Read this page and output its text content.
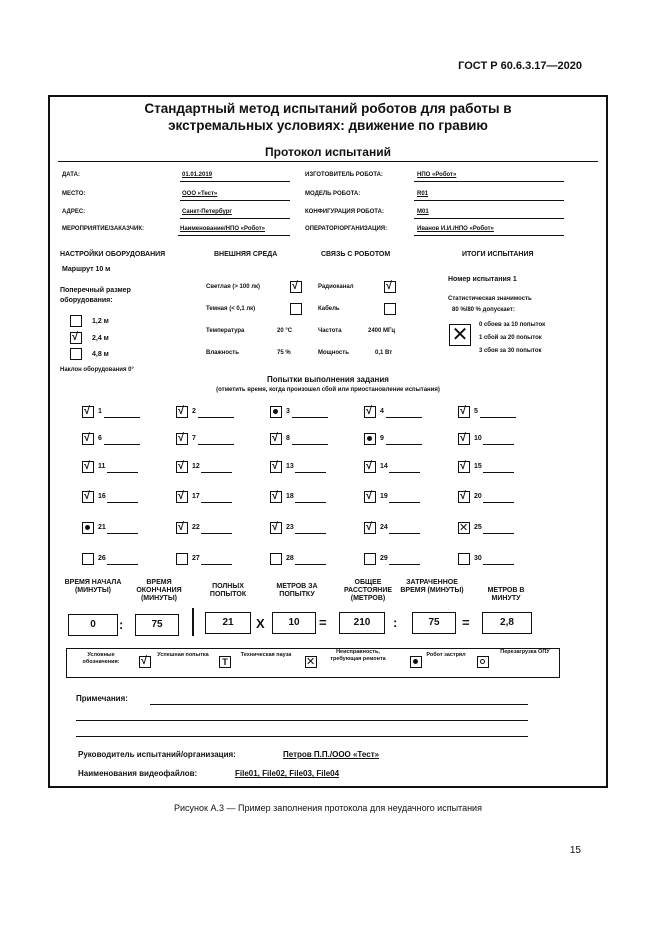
ГОСТ Р 60.6.3.17—2020
Стандартный метод испытаний роботов для работы в
экстремальных условиях: движение по гравию
Протокол испытаний
ДАТА:	01.01.2019
МЕСТО:	ООО «Тест»
АДРЕС:	Санкт-Петербург
МЕРОПРИЯТИЕ/ЗАКАЗЧИК:	Наименование/НПО «Робот»
ИЗГОТОВИТЕЛЬ РОБОТА:	НПО «Робот»
МОДЕЛЬ РОБОТА:	R01
КОНФИГУРАЦИЯ РОБОТА:	M01
ОПЕРАТОР/ОРГАНИЗАЦИЯ:	Иванов И.И./НПО «Робот»
НАСТРОЙКИ ОБОРУДОВАНИЯ	ВНЕШНЯЯ СРЕДА	СВЯЗЬ С РОБОТОМ	ИТОГИ ИСПЫТАНИЯ
Маршрут 10 м
Поперечный размер оборудования:
1,2 м
√
2,4 м
4,8 м
Наклон оборудования 0°
Светлая (> 100 лк)
√
Темная (< 0,1 лк)
Температура	20 °C
Влажность	75 %
Радиоканал
√
Кабель
Частота	2400 МГц
Мощность	0,1 Вт
Номер испытания 1
Статистическая значимость
80 %/80 % допускает:
✕	0 сбоев за 10 попыток
1 сбой за 20 попыток
3 сбоя за 30 попыток
Попытки выполнения задания
(отметить время, когда произошел сбой или приостановление испытания)
√
1 √	2	3 √	4 √	5
√
6 √	7 √	8	9 √	10
√
11 √	12 √	13 √	14 √	15
√
16 √	17 √	18 √	19 √	20
21 √	22 √	23 √	24 ✕	25
26	27	28	29	30
ВРЕМЯ НАЧАЛА (МИНУТЫ)
ВРЕМЯ ОКОНЧАНИЯ (МИНУТЫ)
ПОЛНЫХ ПОПЫТОК
МЕТРОВ ЗА ПОПЫТКУ
ОБЩЕЕ РАССТОЯНИЕ (МЕТРОВ)
ЗАТРАЧЕННОЕ ВРЕМЯ (МИНУТЫ)	МЕТРОВ В МИНУТУ
0	:	75	21	X	10	=	210	:	75	=	2,8
Условные обозначения:
√
Успешная попытка
Т
Техническая пауза
✕	Неисправность, требующая ремонта
Робот застрял	Перезагрузка ОПУ
Примечания:
Руководитель испытаний/организация:	Петров П.П./ООО «Тест»
Наименования видеофайлов:	File01, File02, File03, File04
Рисунок А.3 — Пример заполнения протокола для неудачного испытания
15
